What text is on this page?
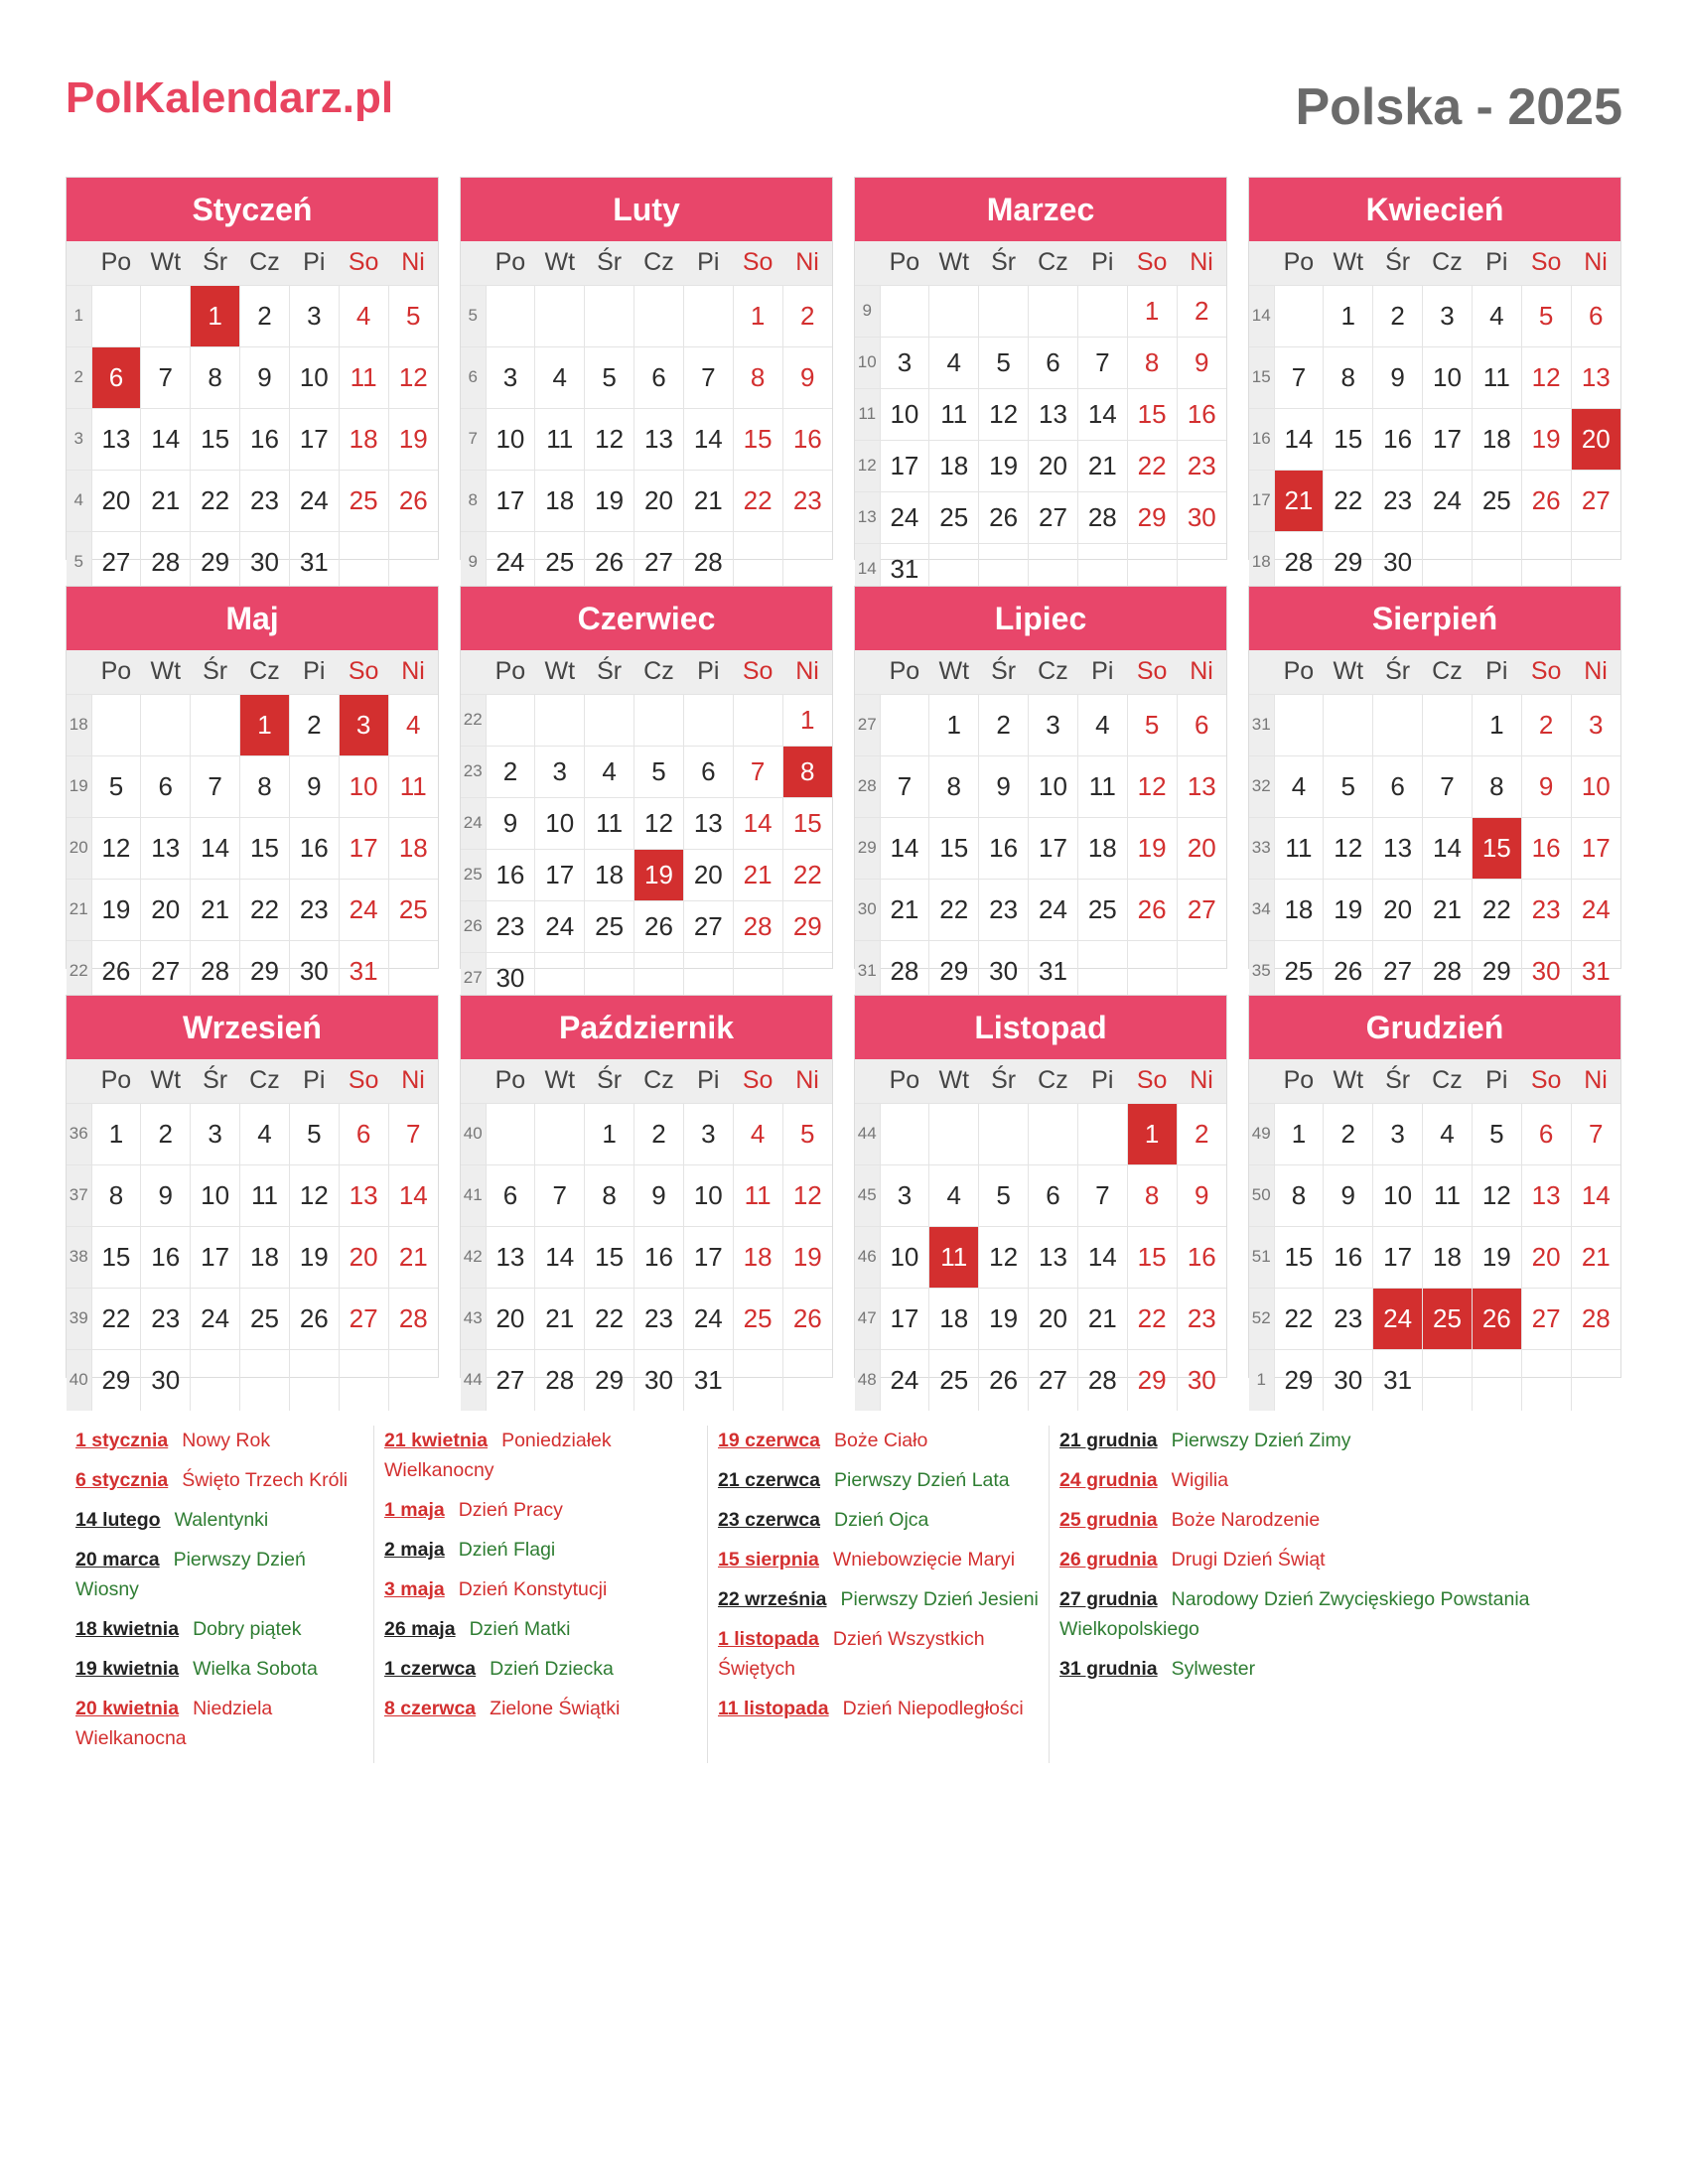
PolKalendarz.pl	Polska - 2025
Styczeń
	Po	Wt	Śr	Cz	Pi	So	Ni
1			1	2	3	4	5
2	6	7	8	9	10	11	12
3	13	14	15	16	17	18	19
4	20	21	22	23	24	25	26
5	27	28	29	30	31		
Luty
	Po	Wt	Śr	Cz	Pi	So	Ni
5						1	2
6	3	4	5	6	7	8	9
7	10	11	12	13	14	15	16
8	17	18	19	20	21	22	23
9	24	25	26	27	28		
Marzec
	Po	Wt	Śr	Cz	Pi	So	Ni
9						1	2
10	3	4	5	6	7	8	9
11	10	11	12	13	14	15	16
12	17	18	19	20	21	22	23
13	24	25	26	27	28	29	30
14	31						
Kwiecień
	Po	Wt	Śr	Cz	Pi	So	Ni
14		1	2	3	4	5	6
15	7	8	9	10	11	12	13
16	14	15	16	17	18	19	20
17	21	22	23	24	25	26	27
18	28	29	30				
Maj
	Po	Wt	Śr	Cz	Pi	So	Ni
18				1	2	3	4
19	5	6	7	8	9	10	11
20	12	13	14	15	16	17	18
21	19	20	21	22	23	24	25
22	26	27	28	29	30	31	
Czerwiec
	Po	Wt	Śr	Cz	Pi	So	Ni
22							1
23	2	3	4	5	6	7	8
24	9	10	11	12	13	14	15
25	16	17	18	19	20	21	22
26	23	24	25	26	27	28	29
27	30						
Lipiec
	Po	Wt	Śr	Cz	Pi	So	Ni
27		1	2	3	4	5	6
28	7	8	9	10	11	12	13
29	14	15	16	17	18	19	20
30	21	22	23	24	25	26	27
31	28	29	30	31			
Sierpień
	Po	Wt	Śr	Cz	Pi	So	Ni
31					1	2	3
32	4	5	6	7	8	9	10
33	11	12	13	14	15	16	17
34	18	19	20	21	22	23	24
35	25	26	27	28	29	30	31
Wrzesień
	Po	Wt	Śr	Cz	Pi	So	Ni
36	1	2	3	4	5	6	7
37	8	9	10	11	12	13	14
38	15	16	17	18	19	20	21
39	22	23	24	25	26	27	28
40	29	30					
Październik
	Po	Wt	Śr	Cz	Pi	So	Ni
40			1	2	3	4	5
41	6	7	8	9	10	11	12
42	13	14	15	16	17	18	19
43	20	21	22	23	24	25	26
44	27	28	29	30	31		
Listopad
	Po	Wt	Śr	Cz	Pi	So	Ni
44						1	2
45	3	4	5	6	7	8	9
46	10	11	12	13	14	15	16
47	17	18	19	20	21	22	23
48	24	25	26	27	28	29	30
Grudzień
	Po	Wt	Śr	Cz	Pi	So	Ni
49	1	2	3	4	5	6	7
50	8	9	10	11	12	13	14
51	15	16	17	18	19	20	21
52	22	23	24	25	26	27	28
1	29	30	31				
1 stycznia Nowy Rok
6 stycznia Święto Trzech Króli
14 lutego Walentynki
20 marca Pierwszy Dzień Wiosny
18 kwietnia Dobry piątek
19 kwietnia Wielka Sobota
20 kwietnia Niedziela Wielkanocna
21 kwietnia Poniedziałek Wielkanocny
1 maja Dzień Pracy
2 maja Dzień Flagi
3 maja Dzień Konstytucji
26 maja Dzień Matki
1 czerwca Dzień Dziecka
8 czerwca Zielone Świątki
19 czerwca Boże Ciało
21 czerwca Pierwszy Dzień Lata
23 czerwca Dzień Ojca
15 sierpnia Wniebowzięcie Maryi
22 września Pierwszy Dzień Jesieni
1 listopada Dzień Wszystkich Świętych
11 listopada Dzień Niepodległości
21 grudnia Pierwszy Dzień Zimy
24 grudnia Wigilia
25 grudnia Boże Narodzenie
26 grudnia Drugi Dzień Świąt
27 grudnia Narodowy Dzień Zwycięskiego Powstania Wielkopolskiego
31 grudnia Sylwester
